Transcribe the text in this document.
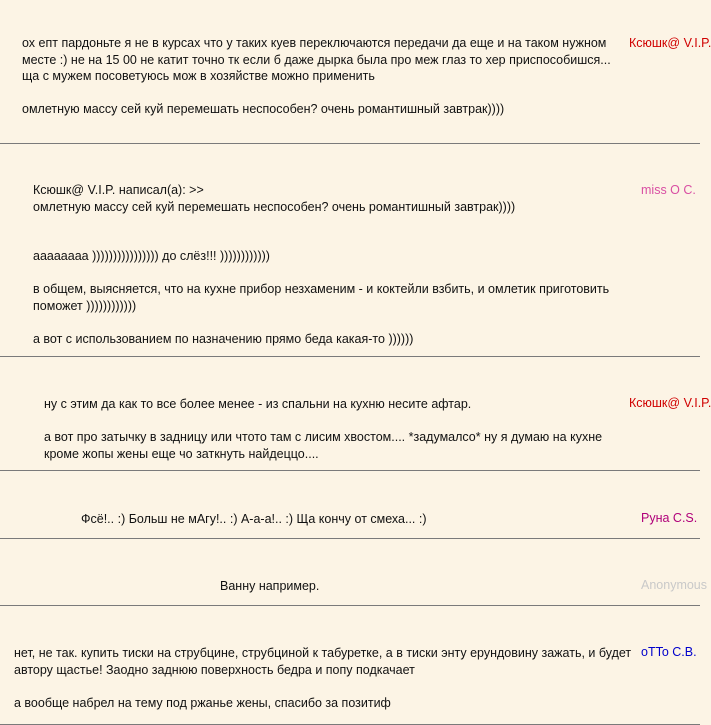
ох епт пардоньте я не в курсах что у таких куев переключаются передачи да еще и на таком нужном месте :) не на 15 00 не катит точно тк если б даже дырка была про меж глаз то хер приспособишся...
ща с мужем посоветуюсь мож в хозяйстве можно применить

омлетную массу сей куй перемешать неспособен? очень романтишный завтрак))))

Ксюшк@ V.I.P.

Ксюшк@ V.I.P. написал(а): >>
омлетную массу сей куй перемешать неспособен? очень романтишный завтрак))))

аааааааа )))))))))))))))) до слёз!!! ))))))))))))

в общем, выясняется, что на кухне прибор незхаменим - и коктейли взбить, и омлетик приготовить поможет ))))))))))))

а вот с использованием по назначению прямо беда какая-то ))))))

miss O C.

ну с этим да как то все более менее - из спальни на кухню несите афтар.

а вот про затычку в задницу или чтото там с лисим хвостом.... *задумалсо* ну я думаю на кухне кроме жопы жены еще чо заткнуть найдеццо....

Ксюшк@ V.I.P.

Фсё!.. :) Больш не мАгу!.. :) А-а-а!.. :) Ща кончу от смеха... :)	Руна C.S.

Ванну например.	Anonymous

нет, не так. купить тиски на струбцине, струбциной к табуретке, а в тиски энту ерундовину зажать, и будет автору щастье! Заодно заднюю поверхность бедра и попу подкачает

а вообще набрел на тему под ржанье жены, спасибо за позитиф

oTTo C.B.
